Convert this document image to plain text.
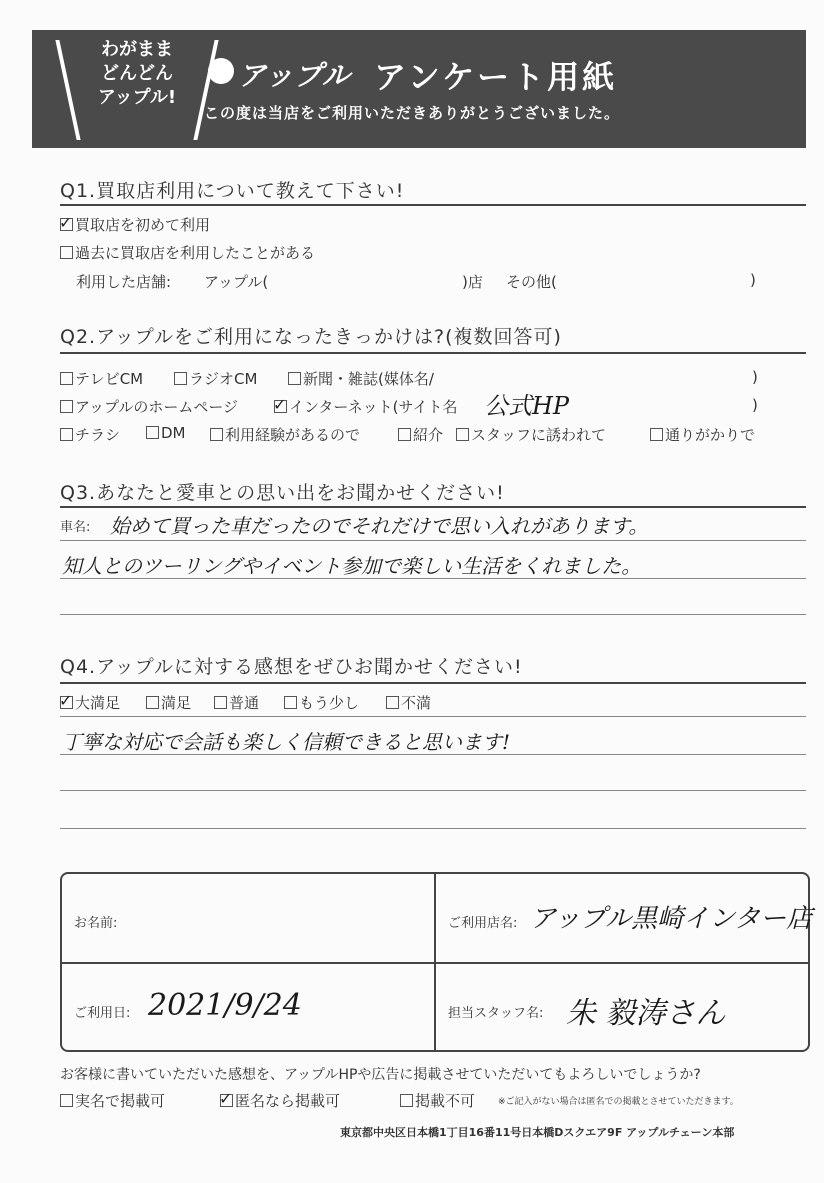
わがまま
どんどん
アップル!
アップル アンケート用紙
この度は当店をご利用いただきありがとうございました。
Q1.買取店利用について教えて下さい!
✓ 買取店を初めて利用
過去に買取店を利用したことがある
利用した店舗: アップル(	)店 その他(	)
Q2.アップルをご利用になったきっかけは?(複数回答可)
テレビCM	ラジオCM	新聞・雑誌(媒体名/	)
アップルのホームページ ✓ インターネット(サイト名 公式HP	)
チラシ	DM	利用経験があるので	紹介	スタッフに誘われて	通りがかりで
Q3.あなたと愛車との思い出をお聞かせください!
車名: 始めて買った車だったのでそれだけで思い入れがあります。
知人とのツーリングやイベント参加で楽しい生活をくれました。
Q4.アップルに対する感想をぜひお聞かせください!
✓ 大満足	満足	普通	もう少し	不満
丁寧な対応で会話も楽しく信頼できると思います!
お名前:	ご利用店名: アップル黒崎インター店
ご利用日: 2021/9/24	担当スタッフ名: 朱 毅涛さん
お客様に書いていただいた感想を、アップルHPや広告に掲載させていただいてもよろしいでしょうか?
実名で掲載可	✓ 匿名なら掲載可	掲載不可	※ご記入がない場合は匿名での掲載とさせていただきます。
東京都中央区日本橋1丁目16番11号日本橋Dスクエア9F アップルチェーン本部
